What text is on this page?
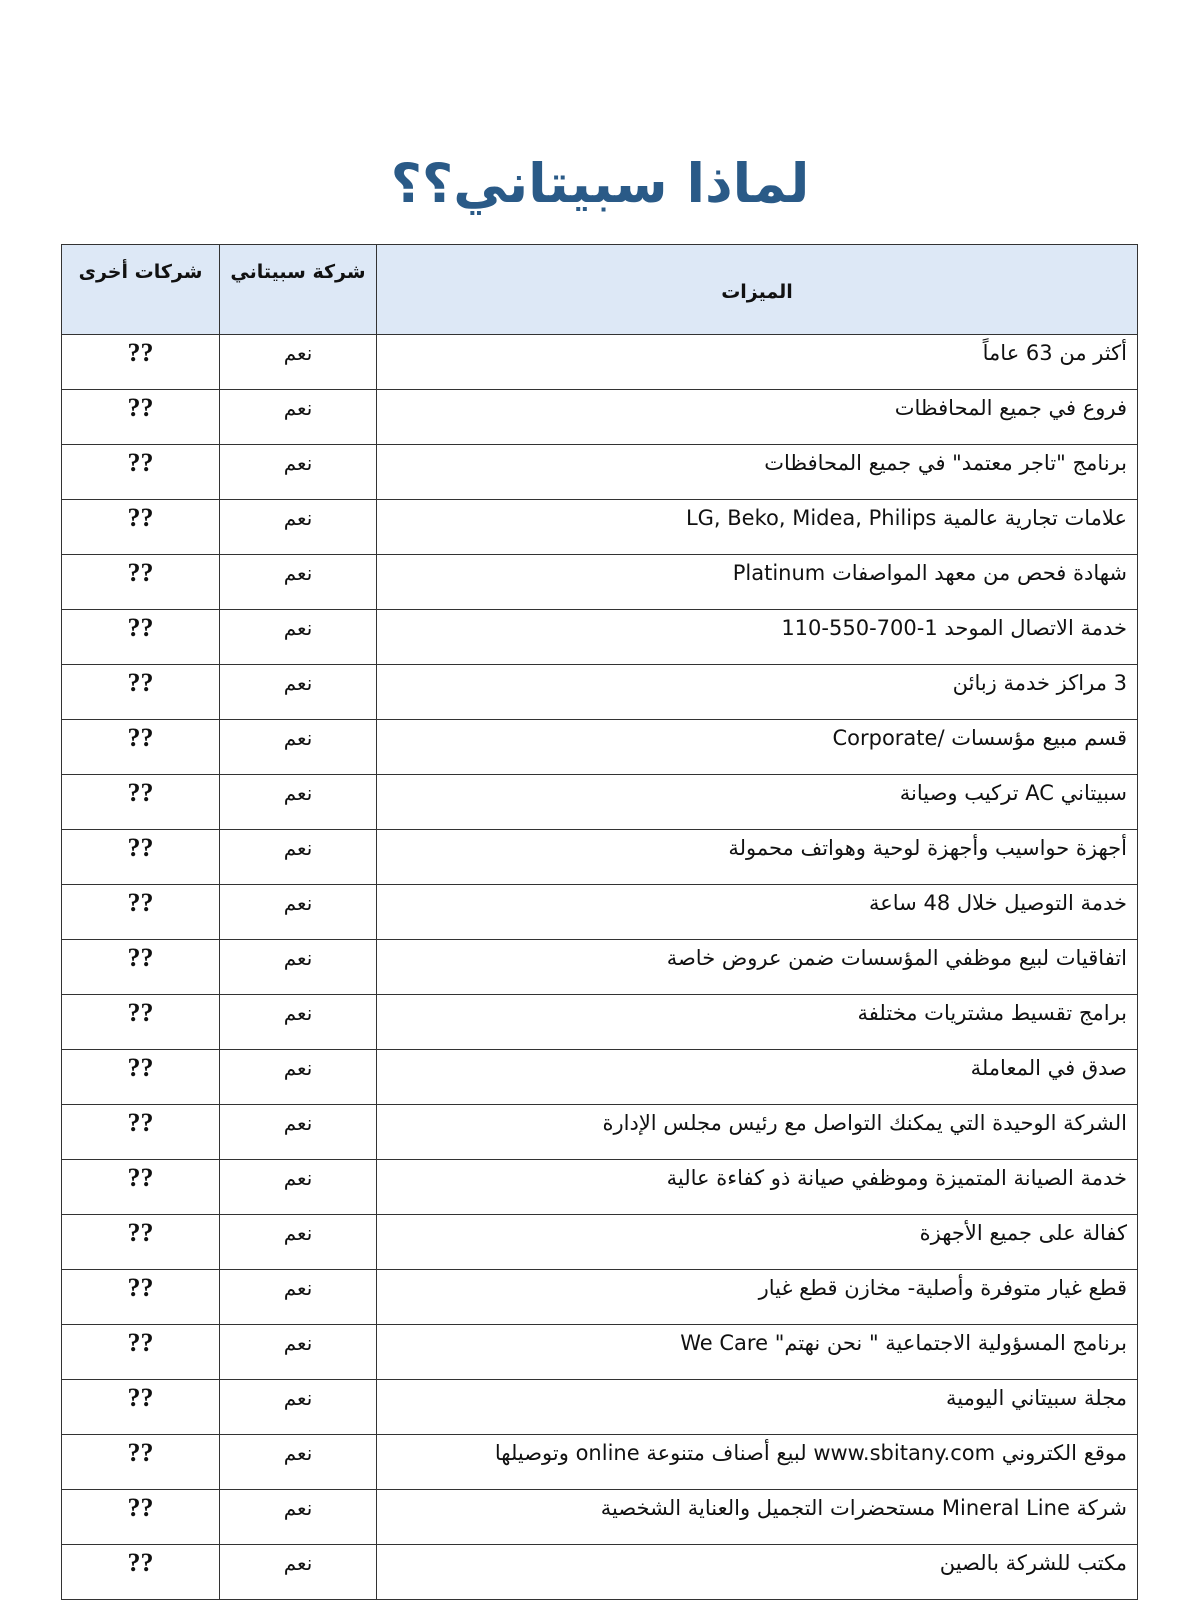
لماذا سبيتاني؟؟
الميزات	شركة سبيتاني	شركات أخرى
أكثر من 63 عاماً	نعم	??
فروع في جميع المحافظات	نعم	??
برنامج "تاجر معتمد" في جميع المحافظات	نعم	??
علامات تجارية عالمية LG, Beko, Midea, Philips	نعم	??
شهادة فحص من معهد المواصفات Platinum	نعم	??
خدمة الاتصال الموحد 1-700-550-110	نعم	??
3 مراكز خدمة زبائن	نعم	??
قسم مبيع مؤسسات /Corporate	نعم	??
سبيتاني AC تركيب وصيانة	نعم	??
أجهزة حواسيب وأجهزة لوحية وهواتف محمولة	نعم	??
خدمة التوصيل خلال 48 ساعة	نعم	??
اتفاقيات لبيع موظفي المؤسسات ضمن عروض خاصة	نعم	??
برامج تقسيط مشتريات مختلفة	نعم	??
صدق في المعاملة	نعم	??
الشركة الوحيدة التي يمكنك التواصل مع رئيس مجلس الإدارة	نعم	??
خدمة الصيانة المتميزة وموظفي صيانة ذو كفاءة عالية	نعم	??
كفالة على جميع الأجهزة	نعم	??
قطع غيار متوفرة وأصلية- مخازن قطع غيار	نعم	??
برنامج المسؤولية الاجتماعية " نحن نهتم" We Care	نعم	??
مجلة سبيتاني اليومية	نعم	??
موقع الكتروني www.sbitany.com لبيع أصناف متنوعة online وتوصيلها	نعم	??
شركة Mineral Line مستحضرات التجميل والعناية الشخصية	نعم	??
مكتب للشركة بالصين	نعم	??
